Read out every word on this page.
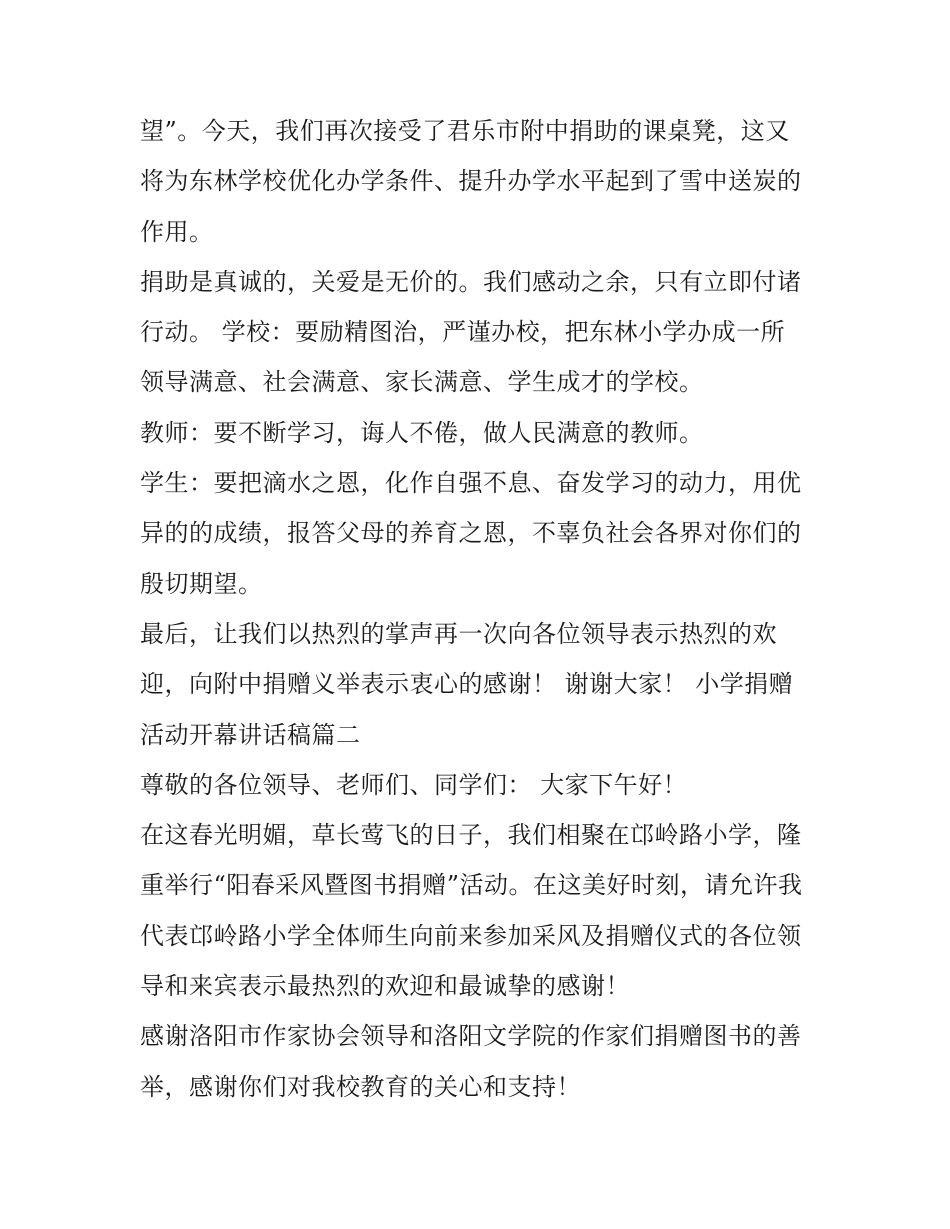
望”。今天，我们再次接受了君乐市附中捐助的课桌凳，这又
将为东林学校优化办学条件、提升办学水平起到了雪中送炭的
作用。
捐助是真诚的，关爱是无价的。我们感动之余，只有立即付诸
行动。 学校：要励精图治，严谨办校，把东林小学办成一所
领导满意、社会满意、家长满意、学生成才的学校。
教师：要不断学习，诲人不倦，做人民满意的教师。
学生：要把滴水之恩，化作自强不息、奋发学习的动力，用优
异的的成绩，报答父母的养育之恩，不辜负社会各界对你们的
殷切期望。
最后，让我们以热烈的掌声再一次向各位领导表示热烈的欢
迎，向附中捐赠义举表示衷心的感谢！ 谢谢大家！ 小学捐赠
活动开幕讲话稿篇二
尊敬的各位领导、老师们、同学们： 大家下午好！
在这春光明媚，草长莺飞的日子，我们相聚在邙岭路小学，隆
重举行“阳春采风暨图书捐赠”活动。在这美好时刻，请允许我
代表邙岭路小学全体师生向前来参加采风及捐赠仪式的各位领
导和来宾表示最热烈的欢迎和最诚挚的感谢！
感谢洛阳市作家协会领导和洛阳文学院的作家们捐赠图书的善
举，感谢你们对我校教育的关心和支持！
